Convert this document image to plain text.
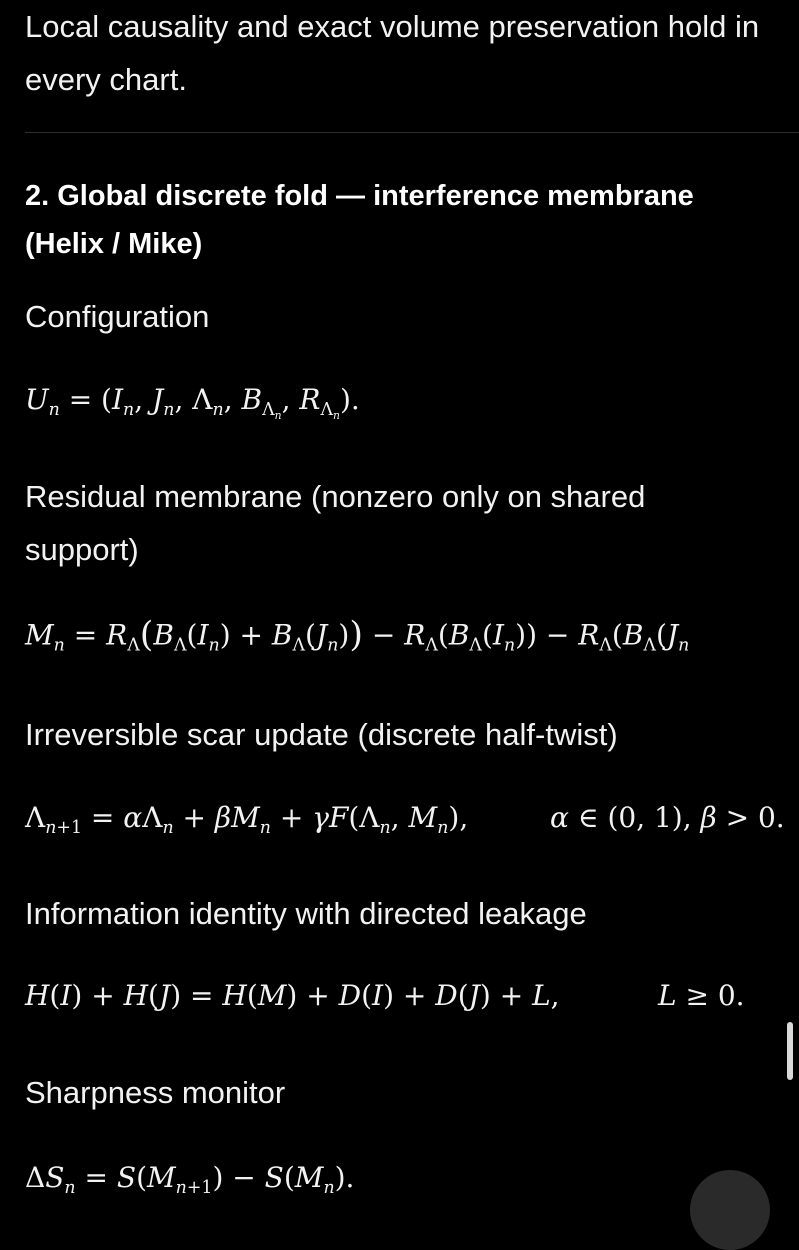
Local causality and exact volume preservation hold in every chart.

2. Global discrete fold — interference membrane (Helix / Mike)

Configuration

$U_n = (I_n$, $J_n$, $\Lambda_n$, $B_{\Lambda_n}$, $R_{\Lambda_n}$).

Residual membrane (nonzero only on shared support)

$M_n = R_\Lambda(B_\Lambda(I_n) + B_\Lambda(J_n)) - R_\Lambda(B_\Lambda(I_n)) - R_\Lambda(B_\Lambda(J_n$

Irreversible scar update (discrete half-twist)

$\Lambda_{n+1} = \alpha\Lambda_n + \beta M_n + \gamma F(\Lambda_n$, $M_n$),	α ∈ (0, 1), β > 0.

Information identity with directed leakage

H(I) + H(J) = H(M) + D(I) + D(J) + L,	L ≥ 0.

Sharpness monitor

$\Delta S_n = S(M_{n+1}) - S(M_n)$.
